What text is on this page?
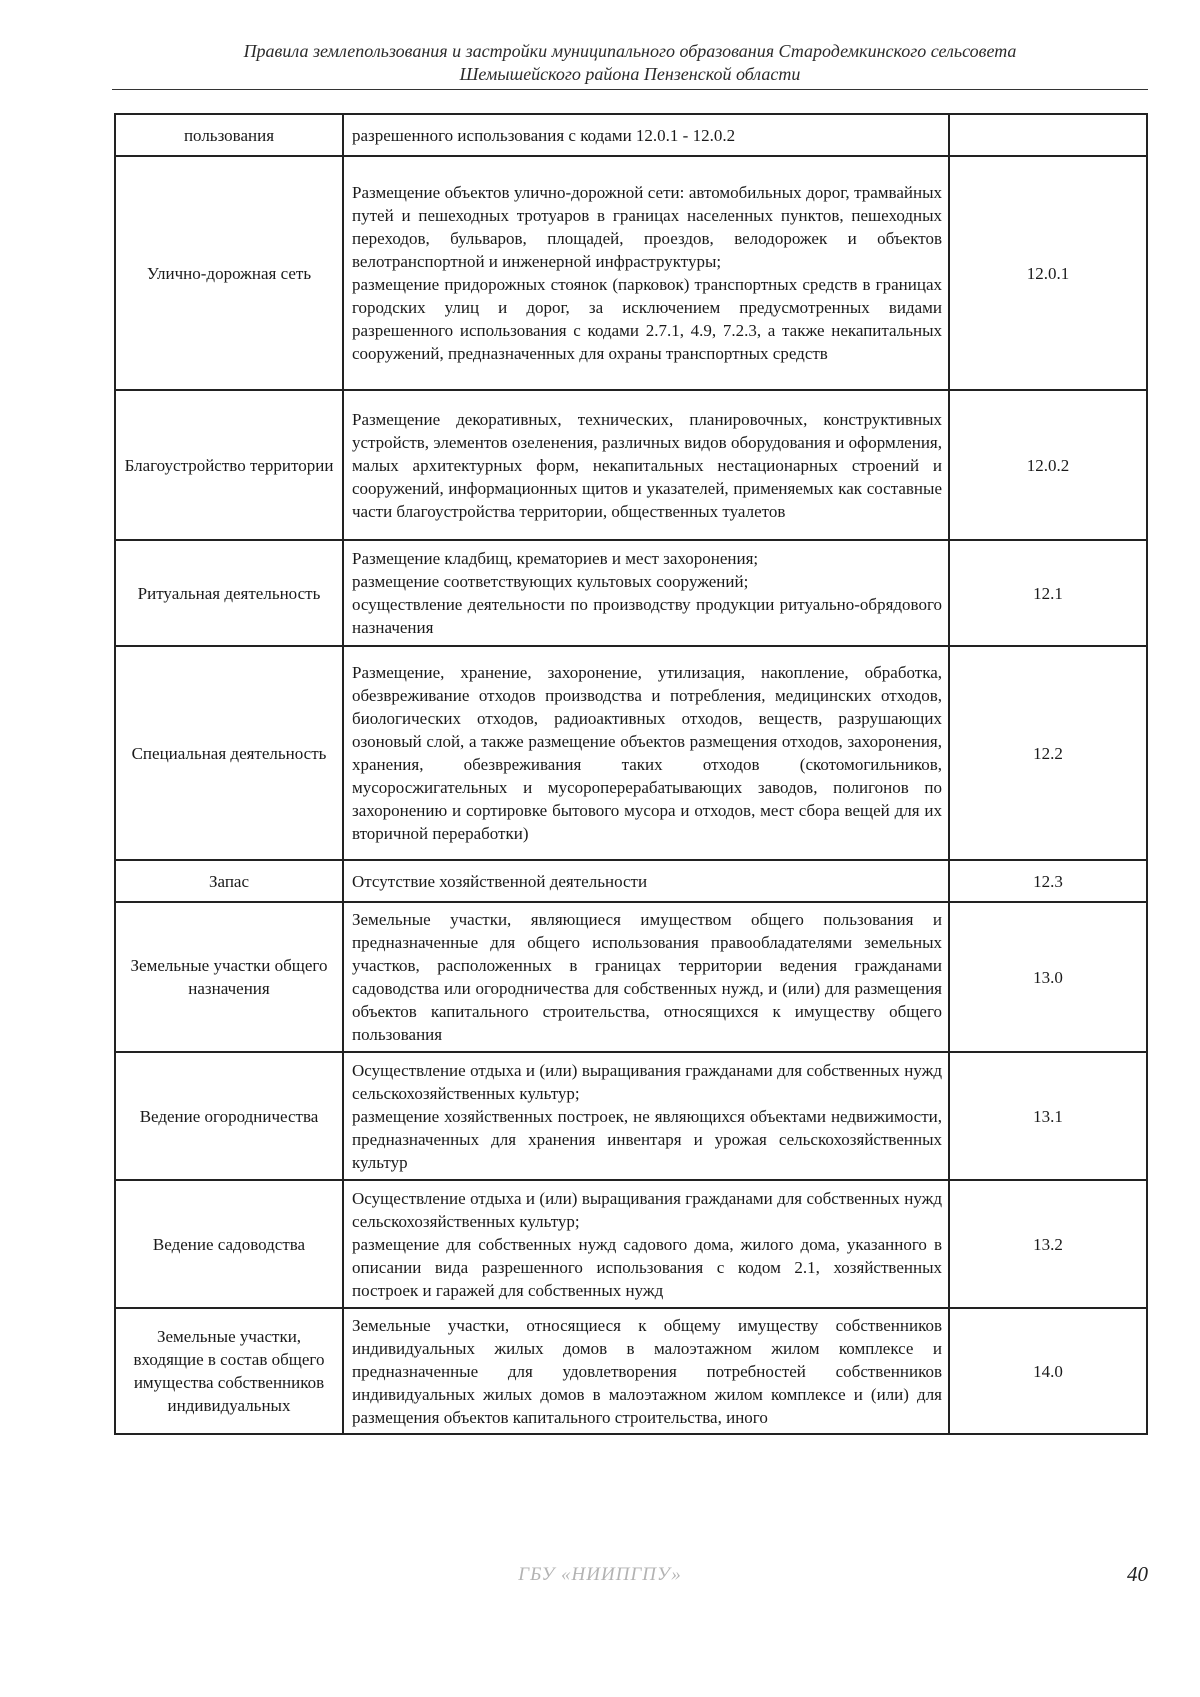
Правила землепользования и застройки муниципального образования Стародемкинского сельсовета
Шемышейского района Пензенской области
пользования	разрешенного использования с кодами 12.0.1 - 12.0.2	

Улично-дорожная сеть	Размещение объектов улично-дорожной сети: автомобильных дорог, трамвайных путей и пешеходных тротуаров в границах населенных пунктов, пешеходных переходов, бульваров, площадей, проездов, велодорожек и объектов велотранспортной и инженерной инфраструктуры;
размещение придорожных стоянок (парковок) транспортных средств в границах городских улиц и дорог, за исключением предусмотренных видами разрешенного использования с кодами 2.7.1, 4.9, 7.2.3, а также некапитальных сооружений, предназначенных для охраны транспортных средств	12.0.1

Благоустройство территории	Размещение декоративных, технических, планировочных, конструктивных устройств, элементов озеленения, различных видов оборудования и оформления, малых архитектурных форм, некапитальных нестационарных строений и сооружений, информационных щитов и указателей, применяемых как составные части благоустройства территории, общественных туалетов	12.0.2

Ритуальная деятельность	Размещение кладбищ, крематориев и мест захоронения;
размещение соответствующих культовых сооружений;
осуществление деятельности по производству продукции ритуально-обрядового назначения	12.1

Специальная деятельность	Размещение, хранение, захоронение, утилизация, накопление, обработка, обезвреживание отходов производства и потребления, медицинских отходов, биологических отходов, радиоактивных отходов, веществ, разрушающих озоновый слой, а также размещение объектов размещения отходов, захоронения, хранения, обезвреживания таких отходов (скотомогильников, мусоросжигательных и мусороперерабатывающих заводов, полигонов по захоронению и сортировке бытового мусора и отходов, мест сбора вещей для их вторичной переработки)	12.2

Запас	Отсутствие хозяйственной деятельности	12.3

Земельные участки общего назначения	Земельные участки, являющиеся имуществом общего пользования и предназначенные для общего использования правообладателями земельных участков, расположенных в границах территории ведения гражданами садоводства или огородничества для собственных нужд, и (или) для размещения объектов капитального строительства, относящихся к имуществу общего пользования	13.0

Ведение огородничества	Осуществление отдыха и (или) выращивания гражданами для собственных нужд сельскохозяйственных культур;
размещение хозяйственных построек, не являющихся объектами недвижимости, предназначенных для хранения инвентаря и урожая сельскохозяйственных культур	13.1

Ведение садоводства	Осуществление отдыха и (или) выращивания гражданами для собственных нужд сельскохозяйственных культур;
размещение для собственных нужд садового дома, жилого дома, указанного в описании вида разрешенного использования с кодом 2.1, хозяйственных построек и гаражей для собственных нужд	13.2

Земельные участки, входящие в состав общего имущества собственников индивидуальных	Земельные участки, относящиеся к общему имуществу собственников индивидуальных жилых домов в малоэтажном жилом комплексе и предназначенные для удовлетворения потребностей собственников индивидуальных жилых домов в малоэтажном жилом комплексе и (или) для размещения объектов капитального строительства, иного	14.0
ГБУ «НИИПГПУ»	40
